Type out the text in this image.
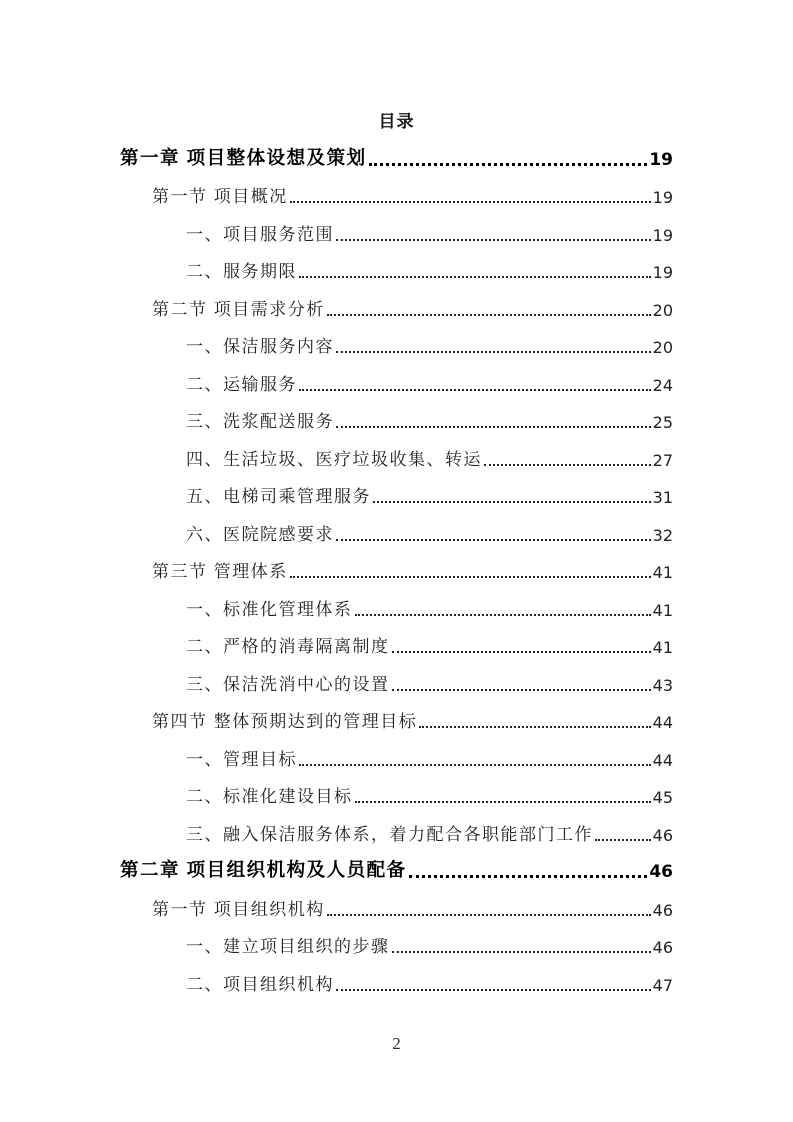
目录
第一章 项目整体设想及策划	19
第一节 项目概况	19
一、项目服务范围	19
二、服务期限	19
第二节 项目需求分析	20
一、保洁服务内容	20
二、运输服务	24
三、洗浆配送服务	25
四、生活垃圾、医疗垃圾收集、转运	27
五、电梯司乘管理服务	31
六、医院院感要求	32
第三节 管理体系	41
一、标准化管理体系	41
二、严格的消毒隔离制度	41
三、保洁洗消中心的设置	43
第四节 整体预期达到的管理目标	44
一、管理目标	44
二、标准化建设目标	45
三、融入保洁服务体系，着力配合各职能部门工作	46
第二章 项目组织机构及人员配备	46
第一节 项目组织机构	46
一、建立项目组织的步骤	46
二、项目组织机构	47
2
